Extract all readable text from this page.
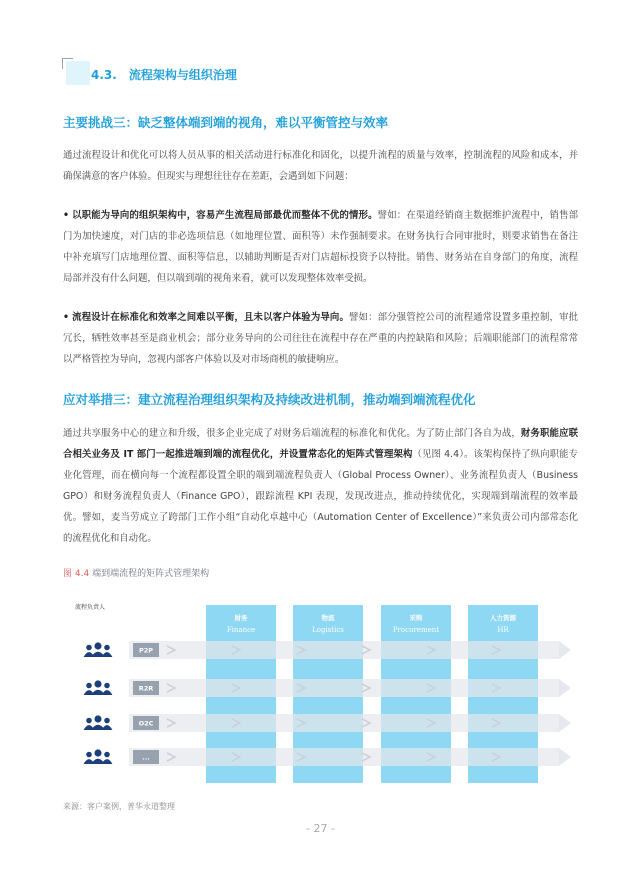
4.3. 流程架构与组织治理
主要挑战三：缺乏整体端到端的视角，难以平衡管控与效率

通过流程设计和优化可以将人员从事的相关活动进行标准化和固化，以提升流程的质量与效率，控制流程的风险和成本，并确保满意的客户体验。但现实与理想往往存在差距，会遇到如下问题：

• 以职能为导向的组织架构中，容易产生流程局部最优而整体不优的情形。譬如：在渠道经销商主数据维护流程中，销售部门为加快速度，对门店的非必选项信息（如地理位置、面积等）未作强制要求。在财务执行合同审批时，则要求销售在备注中补充填写门店地理位置、面积等信息，以辅助判断是否对门店超标投资予以特批。销售、财务站在自身部门的角度，流程局部并没有什么问题，但以端到端的视角来看，就可以发现整体效率受损。

• 流程设计在标准化和效率之间难以平衡，且未以客户体验为导向。譬如：部分强管控公司的流程通常设置多重控制，审批冗长，牺牲效率甚至是商业机会；部分业务导向的公司往往在流程中存在严重的内控缺陷和风险；后端职能部门的流程常常以严格管控为导向，忽视内部客户体验以及对市场商机的敏捷响应。

应对举措三：建立流程治理组织架构及持续改进机制，推动端到端流程优化

通过共享服务中心的建立和升级，很多企业完成了对财务后端流程的标准化和优化。为了防止部门各自为战，财务职能应联合相关业务及 IT 部门一起推进端到端的流程优化，并设置常态化的矩阵式管理架构（见图 4.4）。该架构保持了纵向职能专业化管理，而在横向每一个流程都设置全职的端到端流程负责人（Global Process Owner）、业务流程负责人（Business GPO）和财务流程负责人（Finance GPO），跟踪流程 KPI 表现，发现改进点，推动持续优化，实现端到端流程的效率最优。譬如，麦当劳成立了跨部门工作小组“自动化卓越中心（Automation Center of Excellence）”来负责公司内部常态化的流程优化和自动化。

图 4.4 端到端流程的矩阵式管理架构
流程负责人
财务
Finance
物流
Logistics
采购
Procurement
人力资源
HR
P2P
R2R
O2C
...
来源：客户案例，普华永道整理
- 27 -
